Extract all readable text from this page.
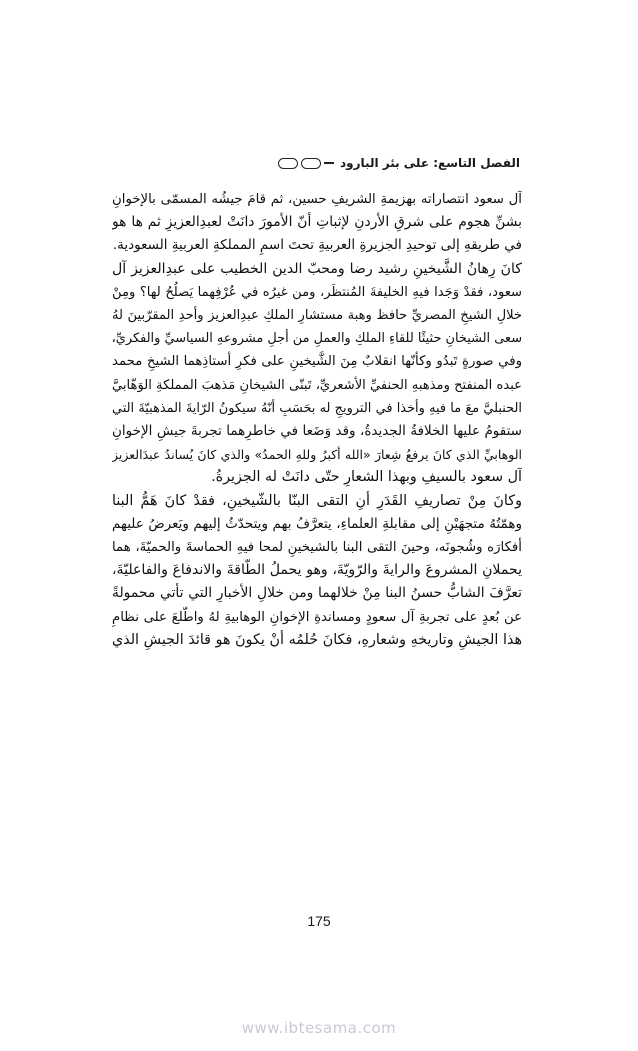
الفصل التاسع: على بئر البارود

آل سعود انتصاراته بهزيمةِ الشريفِ حسين، ثم قامَ جيشُه المسمّى بالإخوانِ
بشنِّ هجوم على شرقِ الأردنِ لإثباتِ أنّ الأمورَ دانَتْ لعبدِالعزيزِ ثم ها هو
في طريقهِ إلى توحيدِ الجزيرةِ العربيةِ تحتَ اسمِ المملكةِ العربيةِ السعودية.

كانَ رِهانُ الشَّيخينِ رشيد رضا ومحبّ الدين الخطيب على عبدِالعزيز آل
سعود، فقدْ وَجَدا فيهِ الخليفةَ المُنتظَر، ومن غيرُه في عُرْفِهما يَصلُحُ لها؟ ومِنْ
خلالِ الشيخِ المصريِّ حافظ وهبة مستشارِ الملكِ عبدِالعزيز وأحدِ المقرّبينَ لهُ
سعى الشيخانِ حثيثًا للقاءِ الملكِ والعملِ من أجلِ مشروعهِ السياسيِّ والفكريِّ،
وفي صورةٍ تَبدُو وكأنّها انقلابٌ مِنَ الشَّيخينِ على فكرِ أستاذِهما الشيخِ محمد
عبده المنفتح ومذهبهِ الحنفيِّ الأشعريِّ، تَبنّى الشيخانِ مَذهبَ المملكةِ الوَهّابيَّ
الحنبليَّ معَ ما فيهِ وأخذا في الترويجِ له بحَسَبِ أنّهُ سيكونُ الرّايةَ المذهبيّةَ التي
ستقومُ عليها الخلافةُ الجديدةُ، وقد وَضَعا في خاطرِهما تجربةَ جيشِ الإخوانِ
الوهابيِّ الذي كانَ يرفعُ شِعارَ «الله أكبرُ وللهِ الحمدُ» والذي كانَ يُساندُ عبدَالعزيز
آل سعود بالسيفِ وبهذا الشعارِ حتّى دانَتْ له الجزيرةُ.

وكانَ مِنْ تصاريفِ القَدَرِ أنِ التقى البنّا بالشّيخينِ، فقدْ كانَ هَمُّ البنا
وهمّتُهُ متجهَيْنِ إلى مقابلةِ العلماءِ، يتعرَّفُ بهم ويتحدّثُ إليهم ويَعرضُ عليهم
أفكارَه وشُجونَه، وحينَ التقى البنا بالشيخينِ لمحا فيهِ الحماسةَ والحميّةَ، هما
يحملانِ المشروعَ والرايةَ والرّويّةَ، وهو يحملُ الطّاقةَ والاندفاعَ والفاعليّةَ،
تعرَّفَ الشابُّ حسنُ البنا مِنْ خلالهما ومن خلالِ الأخبارِ التي تأتي محمولةً
عن بُعدٍ على تجربةِ آل سعودٍ ومساندةِ الإخوانِ الوهابيةِ لهُ واطّلعَ على نظامِ
هذا الجيشِ وتاريخهِ وشعارهِ، فكانَ حُلمُه أنْ يكونَ هو قائدَ الجيشِ الذي

175
www.ibtesama.com
